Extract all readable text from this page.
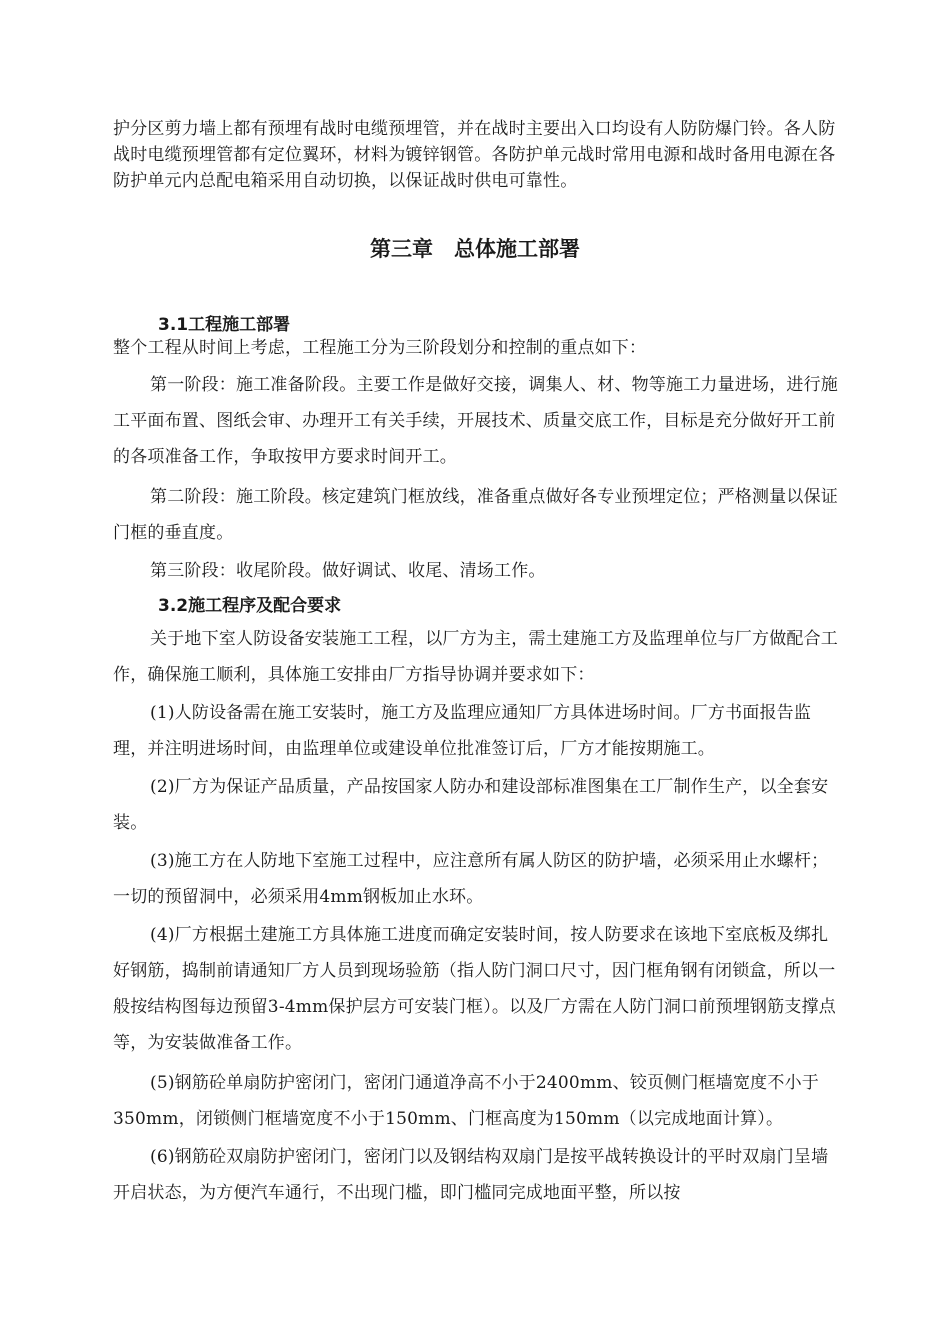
护分区剪力墙上都有预埋有战时电缆预埋管，并在战时主要出入口均设有人防防爆门铃。各人防战时电缆预埋管都有定位翼环，材料为镀锌钢管。各防护单元战时常用电源和战时备用电源在各防护单元内总配电箱采用自动切换，以保证战时供电可靠性。

第三章　总体施工部署
3.1工程施工部署

整个工程从时间上考虑，工程施工分为三阶段划分和控制的重点如下：

第一阶段：施工准备阶段。主要工作是做好交接，调集人、材、物等施工力量进场，进行施工平面布置、图纸会审、办理开工有关手续，开展技术、质量交底工作，目标是充分做好开工前的各项准备工作，争取按甲方要求时间开工。

第二阶段：施工阶段。核定建筑门框放线，准备重点做好各专业预埋定位；严格测量以保证门框的垂直度。

第三阶段：收尾阶段。做好调试、收尾、清场工作。

3.2施工程序及配合要求

关于地下室人防设备安装施工工程，以厂方为主，需土建施工方及监理单位与厂方做配合工作，确保施工顺利，具体施工安排由厂方指导协调并要求如下：

(1)人防设备需在施工安装时，施工方及监理应通知厂方具体进场时间。厂方书面报告监理，并注明进场时间，由监理单位或建设单位批准签订后，厂方才能按期施工。

(2)厂方为保证产品质量，产品按国家人防办和建设部标准图集在工厂制作生产，以全套安装。

(3)施工方在人防地下室施工过程中，应注意所有属人防区的防护墙，必须采用止水螺杆；一切的预留洞中，必须采用4mm钢板加止水环。

(4)厂方根据土建施工方具体施工进度而确定安装时间，按人防要求在该地下室底板及绑扎好钢筋，捣制前请通知厂方人员到现场验筋（指人防门洞口尺寸，因门框角钢有闭锁盒，所以一般按结构图每边预留3-4mm保护层方可安装门框）。以及厂方需在人防门洞口前预埋钢筋支撑点等，为安装做准备工作。

(5)钢筋砼单扇防护密闭门，密闭门通道净高不小于2400mm、铰页侧门框墙宽度不小于350mm，闭锁侧门框墙宽度不小于150mm、门框高度为150mm（以完成地面计算）。

(6)钢筋砼双扇防护密闭门，密闭门以及钢结构双扇门是按平战转换设计的平时双扇门呈墙开启状态，为方便汽车通行，不出现门槛，即门槛同完成地面平整，所以按
